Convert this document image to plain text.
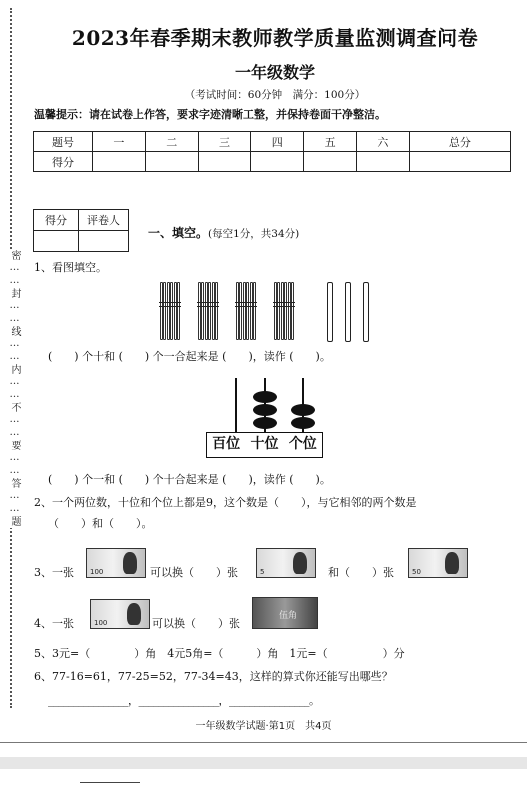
密……封……线……内……不……要……答……题
2023年春季期末教师教学质量监测调查问卷
一年级数学
（考试时间：60分钟　满分：100分）
温馨提示：请在试卷上作答，要求字迹清晰工整，并保持卷面干净整洁。
题号	一	二	三	四	五	六	总分
得分							
得分	评卷人

一、填空。(每空1分，共34分)
1、看图填空。
(　　) 个十和 (　　) 个一合起来是 (　　)，读作 (　　)。
百位 十位 个位
(　　) 个一和 (　　) 个十合起来是 (　　)，读作 (　　)。
2、一个两位数，十位和个位上都是9，这个数是（　　），与它相邻的两个数是
（　　）和（　　）。
3、一张 100	可以换（　　）张	5	和（　　）张	50
4、一张	100	可以换（　　）张
伍角
5、3元=（　　　　）角　4元5角=（　　　）角　1元=（　　　　　）分
6、77-16=61，77-25=52，77-34=43，这样的算式你还能写出哪些？
________________，________________，________________。
一年级数学试题·第1页　共4页
